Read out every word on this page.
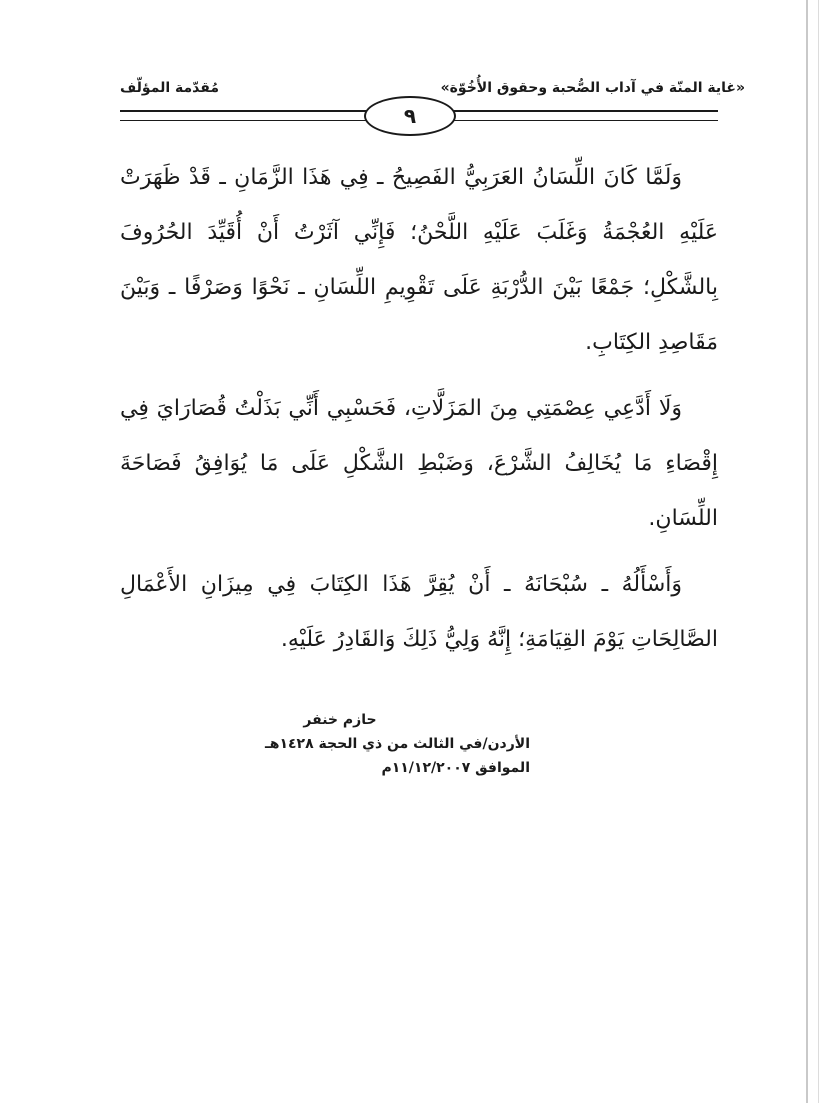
«غاية المنّة في آداب الصُّحبة وحقوق الأُخُوّة»
مُقدّمة المؤلّف
٩

وَلَمَّا كَانَ اللِّسَانُ العَرَبِيُّ الفَصِيحُ ـ فِي هَذَا الزَّمَانِ ـ قَدْ ظَهَرَتْ عَلَيْهِ العُجْمَةُ وَغَلَبَ عَلَيْهِ اللَّحْنُ؛ فَإِنِّي آثَرْتُ أَنْ أُقَيِّدَ الحُرُوفَ بِالشَّكْلِ؛ جَمْعًا بَيْنَ الدُّرْبَةِ عَلَى تَقْوِيمِ اللِّسَانِ ـ نَحْوًا وَصَرْفًا ـ وَبَيْنَ مَقَاصِدِ الكِتَابِ.

وَلَا أَدَّعِي عِصْمَتِي مِنَ المَزَلَّاتِ، فَحَسْبِي أَنِّي بَذَلْتُ قُصَارَايَ فِي إِقْصَاءِ مَا يُخَالِفُ الشَّرْعَ، وَضَبْطِ الشَّكْلِ عَلَى مَا يُوَافِقُ فَصَاحَةَ اللِّسَانِ.

وَأَسْأَلُهُ ـ سُبْحَانَهُ ـ أَنْ يُقِرَّ هَذَا الكِتَابَ فِي مِيزَانِ الأَعْمَالِ الصَّالِحَاتِ يَوْمَ القِيَامَةِ؛ إِنَّهُ وَلِيُّ ذَلِكَ وَالقَادِرُ عَلَيْهِ.

حازم خنفر
الأردن/في الثالث من ذي الحجة ١٤٢٨هـ
الموافق ١١/١٢/٢٠٠٧م
